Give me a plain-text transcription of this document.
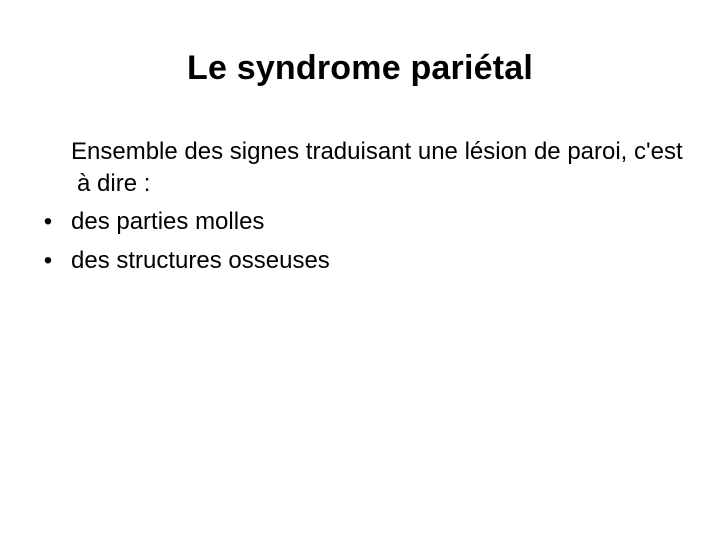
Le syndrome pariétal

Ensemble des signes traduisant une lésion de paroi, c'est à dire :

• des parties molles
• des structures osseuses
